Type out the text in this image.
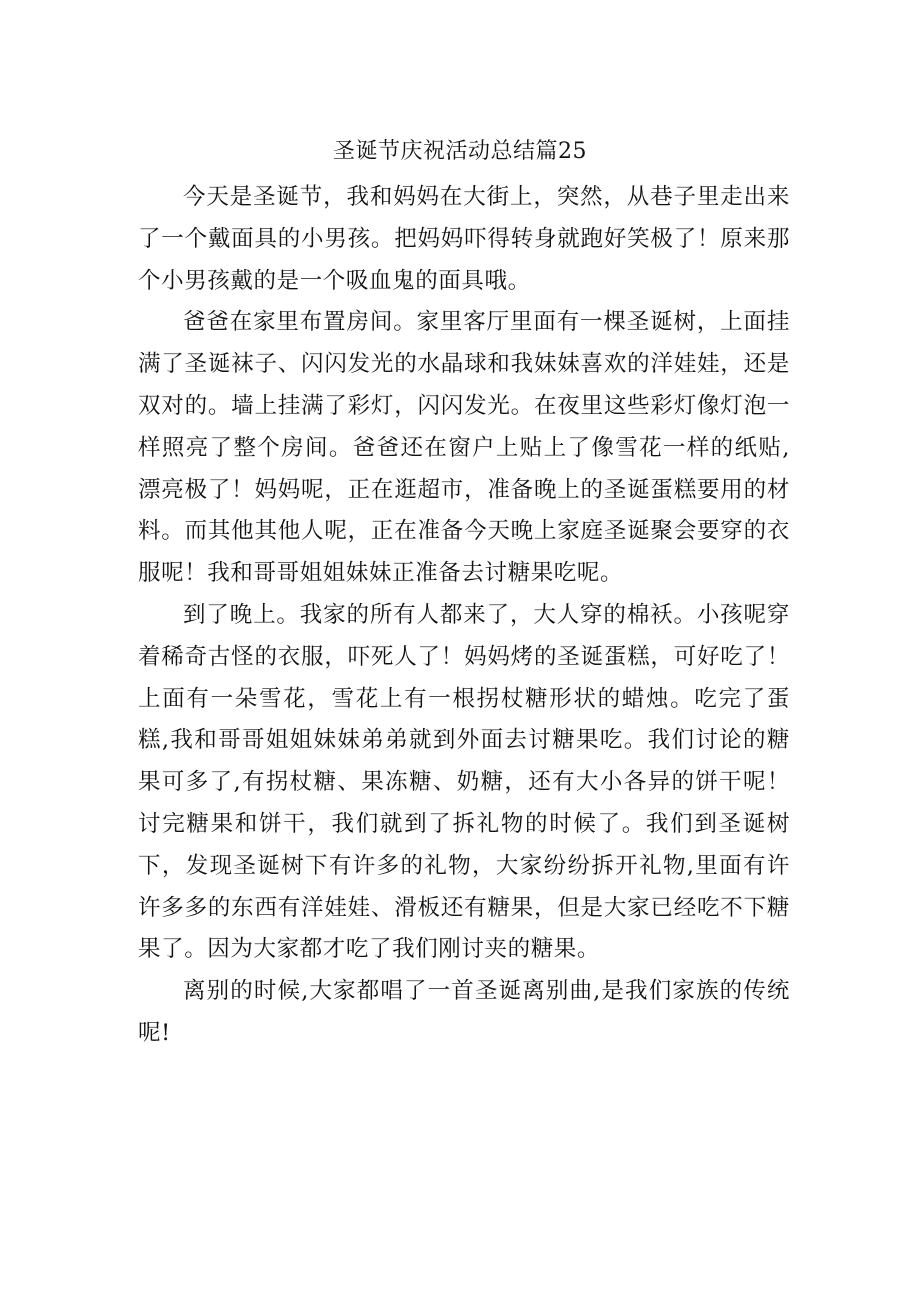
圣诞节庆祝活动总结篇25

今天是圣诞节，我和妈妈在大街上，突然，从巷子里走出来了一个戴面具的小男孩。把妈妈吓得转身就跑好笑极了！原来那个小男孩戴的是一个吸血鬼的面具哦。

爸爸在家里布置房间。家里客厅里面有一棵圣诞树，上面挂满了圣诞袜子、闪闪发光的水晶球和我妹妹喜欢的洋娃娃，还是双对的。墙上挂满了彩灯，闪闪发光。在夜里这些彩灯像灯泡一样照亮了整个房间。爸爸还在窗户上贴上了像雪花一样的纸贴,漂亮极了！妈妈呢，正在逛超市，准备晚上的圣诞蛋糕要用的材料。而其他其他人呢，正在准备今天晚上家庭圣诞聚会要穿的衣服呢！我和哥哥姐姐妹妹正准备去讨糖果吃呢。

到了晚上。我家的所有人都来了，大人穿的棉袄。小孩呢穿着稀奇古怪的衣服，吓死人了！妈妈烤的圣诞蛋糕，可好吃了！上面有一朵雪花，雪花上有一根拐杖糖形状的蜡烛。吃完了蛋糕,我和哥哥姐姐妹妹弟弟就到外面去讨糖果吃。我们讨论的糖果可多了,有拐杖糖、果冻糖、奶糖，还有大小各异的饼干呢！讨完糖果和饼干，我们就到了拆礼物的时候了。我们到圣诞树下，发现圣诞树下有许多的礼物，大家纷纷拆开礼物,里面有许许多多的东西有洋娃娃、滑板还有糖果，但是大家已经吃不下糖果了。因为大家都才吃了我们刚讨夹的糖果。

离别的时候,大家都唱了一首圣诞离别曲,是我们家族的传统呢!
